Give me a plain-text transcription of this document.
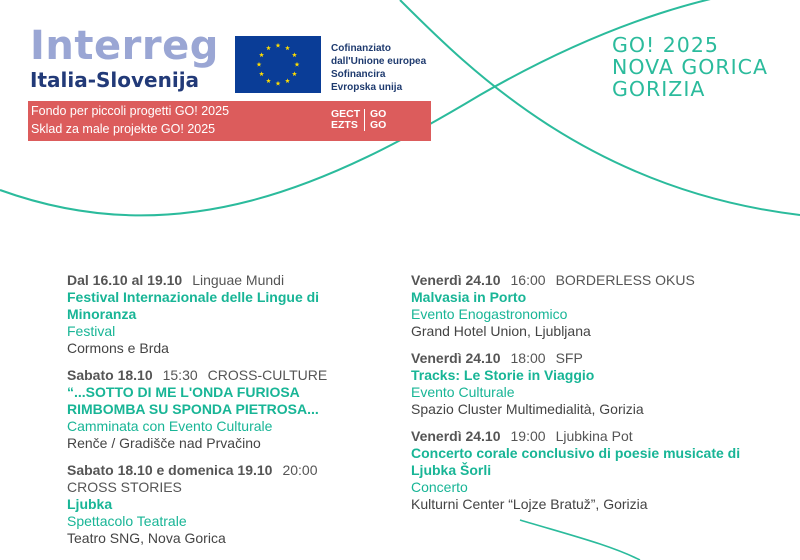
Interreg
Italia-Slovenija
Cofinanziato
dall'Unione europea
Sofinancira
Evropska unija
Fondo per piccoli progetti GO! 2025
Sklad za male projekte GO! 2025
GECT
EZTS
GO
GO
GO! 2025
NOVA GORICA
GORIZIA
Dal 16.10 al 19.10 Linguae Mundi
Festival Internazionale delle Lingue di Minoranza
Festival
Cormons e Brda
Sabato 18.10 15:30 CROSS-CULTURE
“...SOTTO DI ME L'ONDA FURIOSA RIMBOMBA SU SPONDA PIETROSA...
Camminata con Evento Culturale
Renče / Gradišče nad Prvačino
Sabato 18.10 e domenica 19.10 20:00
CROSS STORIES
Ljubka
Spettacolo Teatrale
Teatro SNG, Nova Gorica
Venerdì 24.10 16:00 BORDERLESS OKUS
Malvasia in Porto
Evento Enogastronomico
Grand Hotel Union, Ljubljana
Venerdì 24.10 18:00 SFP
Tracks: Le Storie in Viaggio
Evento Culturale
Spazio Cluster Multimedialità, Gorizia
Venerdì 24.10 19:00 Ljubkina Pot
Concerto corale conclusivo di poesie musicate di Ljubka Šorli
Concerto
Kulturni Center “Lojze Bratuž”, Gorizia
